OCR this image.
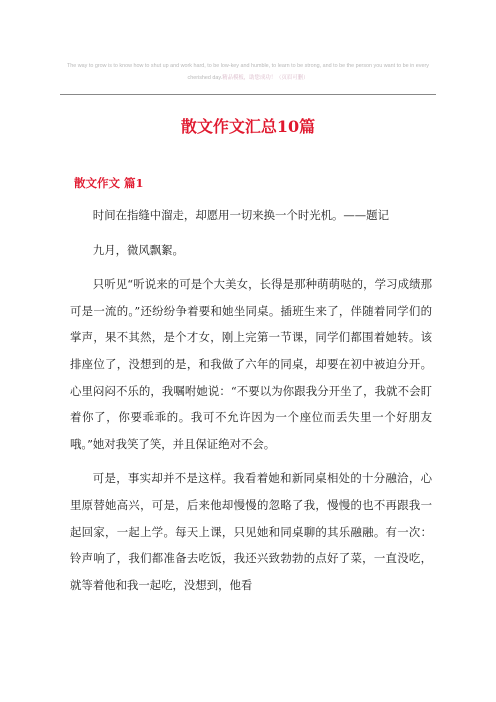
The way to grow is to know how to shut up and work hard, to be low-key and humble, to learn to be strong, and to be the person you want to be in every cherished day.精品模板，助您成功！（页眉可删）
散文作文汇总10篇
散文作文 篇1

时间在指缝中溜走，却愿用一切来换一个时光机。——题记

九月，微风飘絮。

只听见“听说来的可是个大美女，长得是那种萌萌哒的，学习成绩那可是一流的。”还纷纷争着要和她坐同桌。插班生来了，伴随着同学们的掌声，果不其然，是个才女，刚上完第一节课，同学们都围着她转。该排座位了，没想到的是，和我做了六年的同桌，却要在初中被迫分开。心里闷闷不乐的，我嘱咐她说：“不要以为你跟我分开坐了，我就不会盯着你了，你要乖乖的。我可不允许因为一个座位而丢失里一个好朋友哦。”她对我笑了笑，并且保证绝对不会。

可是，事实却并不是这样。我看着她和新同桌相处的十分融洽，心里原替她高兴，可是，后来他却慢慢的忽略了我，慢慢的也不再跟我一起回家，一起上学。每天上课，只见她和同桌聊的其乐融融。有一次：铃声响了，我们都准备去吃饭，我还兴致勃勃的点好了菜，一直没吃，就等着他和我一起吃，没想到，他看
